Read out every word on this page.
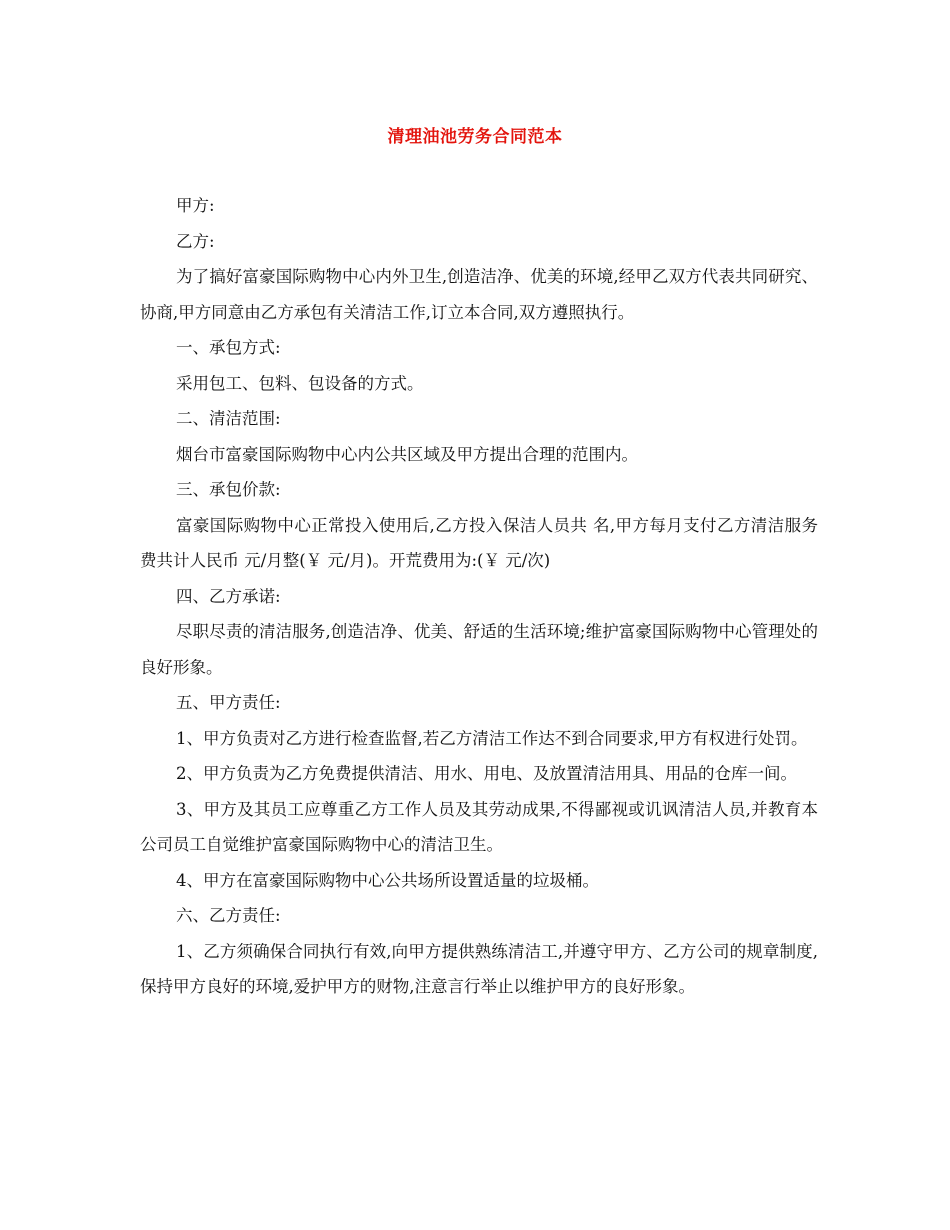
清理油池劳务合同范本

甲方:

乙方:

为了搞好富豪国际购物中心内外卫生,创造洁净、优美的环境,经甲乙双方代表共同研究、协商,甲方同意由乙方承包有关清洁工作,订立本合同,双方遵照执行。

一、承包方式:

采用包工、包料、包设备的方式。

二、清洁范围:

烟台市富豪国际购物中心内公共区域及甲方提出合理的范围内。

三、承包价款:

富豪国际购物中心正常投入使用后,乙方投入保洁人员共 名,甲方每月支付乙方清洁服务费共计人民币 元/月整(￥ 元/月)。开荒费用为:(￥ 元/次)

四、乙方承诺:

尽职尽责的清洁服务,创造洁净、优美、舒适的生活环境;维护富豪国际购物中心管理处的良好形象。

五、甲方责任:

1、甲方负责对乙方进行检查监督,若乙方清洁工作达不到合同要求,甲方有权进行处罚。

2、甲方负责为乙方免费提供清洁、用水、用电、及放置清洁用具、用品的仓库一间。

3、甲方及其员工应尊重乙方工作人员及其劳动成果,不得鄙视或讥讽清洁人员,并教育本公司员工自觉维护富豪国际购物中心的清洁卫生。

4、甲方在富豪国际购物中心公共场所设置适量的垃圾桶。

六、乙方责任:

1、乙方须确保合同执行有效,向甲方提供熟练清洁工,并遵守甲方、乙方公司的规章制度,保持甲方良好的环境,爱护甲方的财物,注意言行举止以维护甲方的良好形象。
